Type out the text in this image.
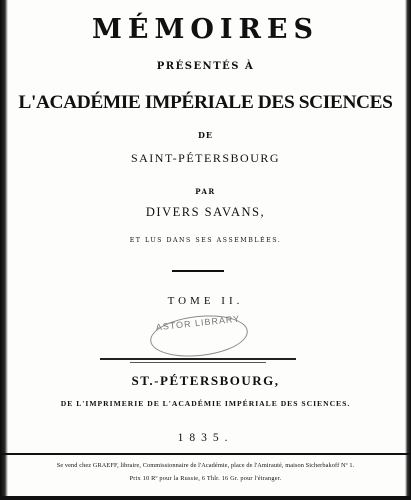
MÉMOIRES
PRÉSENTÉS À
L'ACADÉMIE IMPÉRIALE DES SCIENCES
DE
SAINT-PÉTERSBOURG
PAR
DIVERS SAVANS,
ET LUS DANS SES ASSEMBLÉES.
TOME II.
ASTOR LIBRARY
ST.-PÉTERSBOURG,
DE L'IMPRIMERIE DE L'ACADÉMIE IMPÉRIALE DES SCIENCES.
1835.
Se vend chez GRAEFF, libraire, Commissionnaire de l'Académie, place de l'Amirauté, maison Sicherbakoff Nº 1.
Prix 10 Rº pour la Russie, 6 Thlr. 16 Gr. pour l'étranger.
